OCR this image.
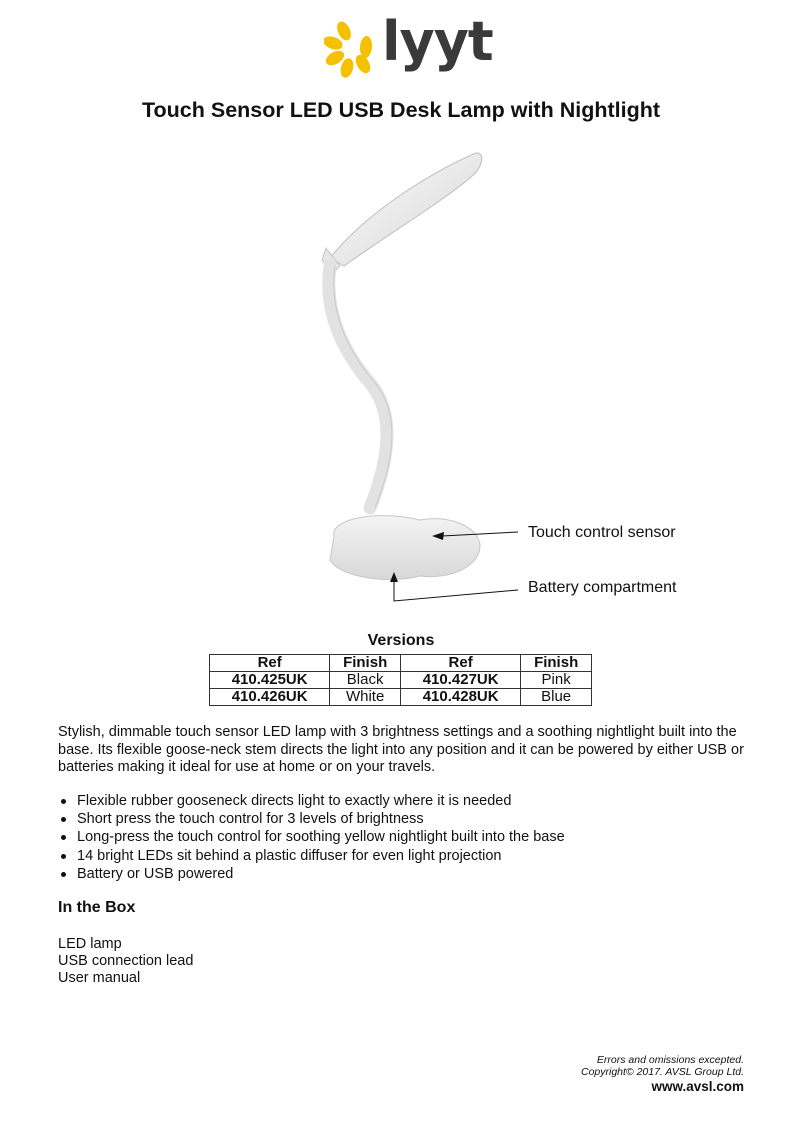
lyyt
Touch Sensor LED USB Desk Lamp with Nightlight
Touch control sensor
Battery compartment
Versions
Ref	Finish	Ref	Finish
410.425UK	Black	410.427UK	Pink
410.426UK	White	410.428UK	Blue

Stylish, dimmable touch sensor LED lamp with 3 brightness settings and a soothing nightlight built into the base. Its flexible goose-neck stem directs the light into any position and it can be powered by either USB or batteries making it ideal for use at home or on your travels.

Flexible rubber gooseneck directs light to exactly where it is needed
Short press the touch control for 3 levels of brightness
Long-press the touch control for soothing yellow nightlight built into the base
14 bright LEDs sit behind a plastic diffuser for even light projection
Battery or USB powered
In the Box
LED lamp
USB connection lead
User manual
Errors and omissions excepted.
Copyright© 2017. AVSL Group Ltd.
www.avsl.com
